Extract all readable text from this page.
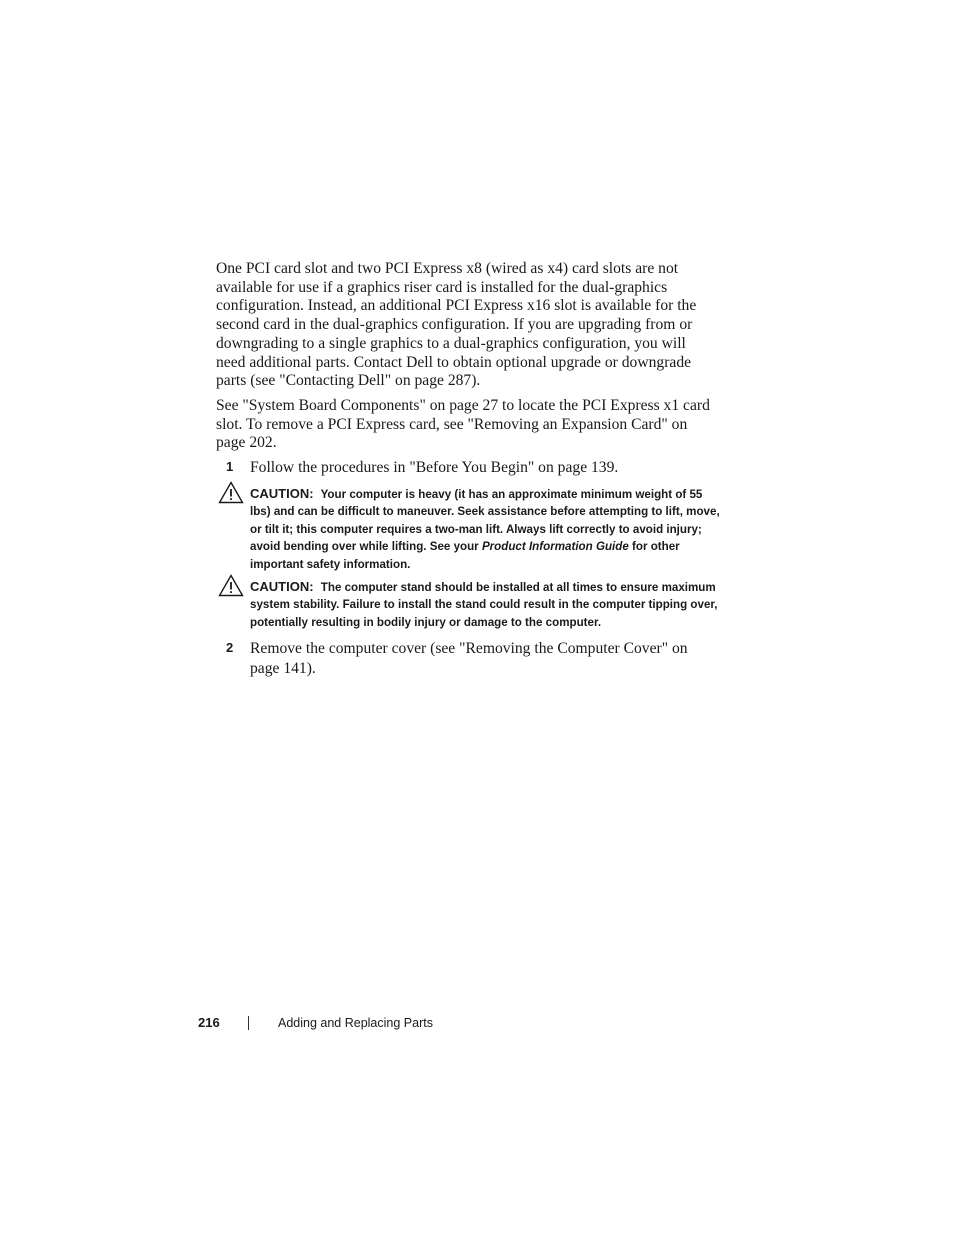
One PCI card slot and two PCI Express x8 (wired as x4) card slots are not available for use if a graphics riser card is installed for the dual-graphics configuration. Instead, an additional PCI Express x16 slot is available for the second card in the dual-graphics configuration. If you are upgrading from or downgrading to a single graphics to a dual-graphics configuration, you will need additional parts. Contact Dell to obtain optional upgrade or downgrade parts (see "Contacting Dell" on page 287).

See "System Board Components" on page 27 to locate the PCI Express x1 card slot. To remove a PCI Express card, see "Removing an Expansion Card" on page 202.

1 Follow the procedures in "Before You Begin" on page 139.
CAUTION: Your computer is heavy (it has an approximate minimum weight of 55 lbs) and can be difficult to maneuver. Seek assistance before attempting to lift, move, or tilt it; this computer requires a two-man lift. Always lift correctly to avoid injury; avoid bending over while lifting. See your Product Information Guide for other important safety information.
CAUTION: The computer stand should be installed at all times to ensure maximum system stability. Failure to install the stand could result in the computer tipping over, potentially resulting in bodily injury or damage to the computer.
2 Remove the computer cover (see "Removing the Computer Cover" on page 141).
216	Adding and Replacing Parts
